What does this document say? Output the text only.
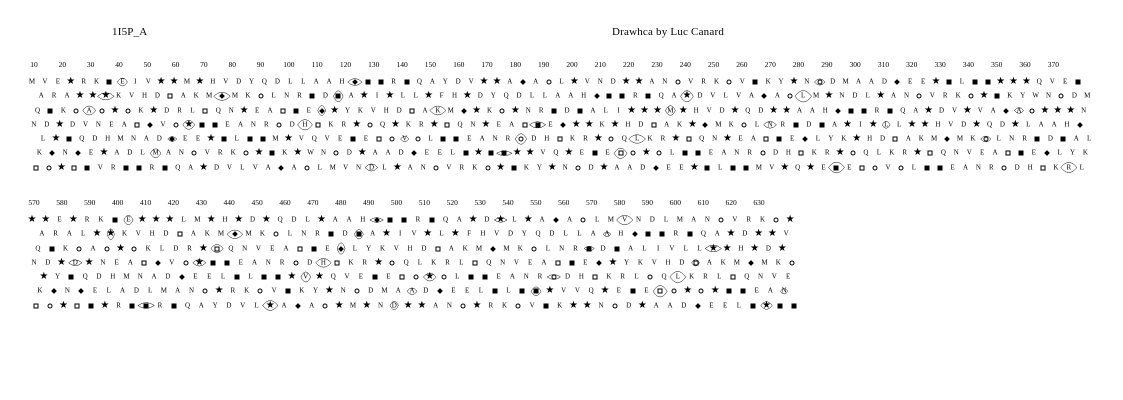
1I5P_A	Drawhca by Luc Canard
10	20	30	40	50	60	70	80	90	100 110 120 130 140 150 160 170 180 190 200 210 220 230 240 250 260 270 280 290 300 310 320 330 340 350 360 370
M
N
Q
K
A
L
V
D
R
★
E
★
★
K
N
A
★
D
★
Q
R
V
A
E
★
D
K
N
V
★
★
H
E
R
★
A
K
M
E
A
D
V
N
I
K
L
H
A
V
R
★
M
D
D
★
V
D
A
★
Q
R
N
A
E
M
★
A
L
K
E
★
★
V
M
★
H
D
Q
R
V
E
V
N
K
M
L
D
A
L
★
K
Y
N
V
E
★
Q
R
A
A
L
M
D
K
N
★
L
D
A
★
R
V
L
H
E
W
Q
A
L
N
D
V
A
K
M
★
E
H
R
V
Y
D
A
★
N
K
★
★
E
D
V
A
I
Q
L
H
A
★
R
★
★
D
D
L
V
K
A
L
Q
R
N
A
E
★
L
A
★
K
E
F
Y
V
M
L
H
D
Q
R
★
E
V
N
K
★
★
D
A
★
★
K
Y
N
★
E
★
Q
R
A
A
★
★
D
K
N
★
L
D
A
Y
R
V
L
H
E
★
Q
A
L
N
D
★
A
K
★
★
E
H
R
V
★
D
A
★
N
K
★
L
E
D
★
A
I
Q
★
H
A
★
R
L
★
D
D
★
★
K
A
★
Q
R
N
A
E
M
L
A
★
K
E
★
★
V
★
★
H
D
Q
R
V
E
V
N
K
M
L
D
A
L
★
K
★
N
V
E
V
Q
R
A
A
L
M
D
K
N
V
★
D
A
Y
R
★
★
H
E
★
Q
A
L
N
D
★
A
K
M
L
E
H
R
★
Y
D
A
★
N
K
M
★
E
D
★
A
I
Q
L
H
A
★
R
L
★
D
D
L
V
K
A
L
Q
R
N
A
E
★
L
A
★
K
E
★
★
V
M
★
H
D
Q
R
V
E
V
N
K
M
L
D
A
★
V
K
★
N
V
E
★
Q
R
A
A
L
★
D
K
N
★
★
D
A
Y
R
★
L
H
E
W
Q
A
★
N
D
V
A
K
★
L
E
H
R
★
Y
D
A
L
N
K
M
L
570 580 590 400 410 420 430 440 450 460 470 480 490 500 510 520 530 540 550 560 570 580 590 600 610 620 630
★
N
Q
K
A
★
★
D
R
Y
E
★
★
K
N
A
★
D
L
Q
R
★
A
E
★
D
K
N
★
L
★
H
E
R
★
A
K
M
E
A
D
V
N
★
K
L
H
A
★
R
L
M
D
D
★
V
D
A
L
Q
R
N
A
E
M
★
A
★
K
E
★
Y
★
M
L
H
D
Q
R
★
E
V
N
K
M
L
D
A
L
V
K
★
N
★
E
V
Q
R
A
A
L
★
D
K
N
V
L
D
A
Y
R
★
★
H
E
★
Q
A
★
N
D
V
A
K
M
L
E
H
R
★
Y
D
A
★
N
K
M
★
E
D
V
A
I
Q
★
H
A
V
R
L
★
D
D
★
★
K
A
L
Q
R
N
A
E
★
L
A
L
K
E
F
★
★
M
L
H
D
Q
R
V
E
★
N
K
M
L
D
A
L
V
K
Y
N
★
E
V
Q
R
A
A
L
★
D
K
N
V
L
D
A
★
R
V
L
H
E
★
Q
A
L
N
D
★
A
K
M
★
E
H
R
V
Y
D
A
L
N
K
★
L
E
D
V
A
I
Q
L
H
A
V
R
L
M
D
D
L
★
K
A
L
Q
R
N
A
E
★
★
A
L
K
E
★
★
V
M
L
H
D
Q
R
★
E
★
N
K
M
★
D
A
★
V
K
★
N
V
E
★
